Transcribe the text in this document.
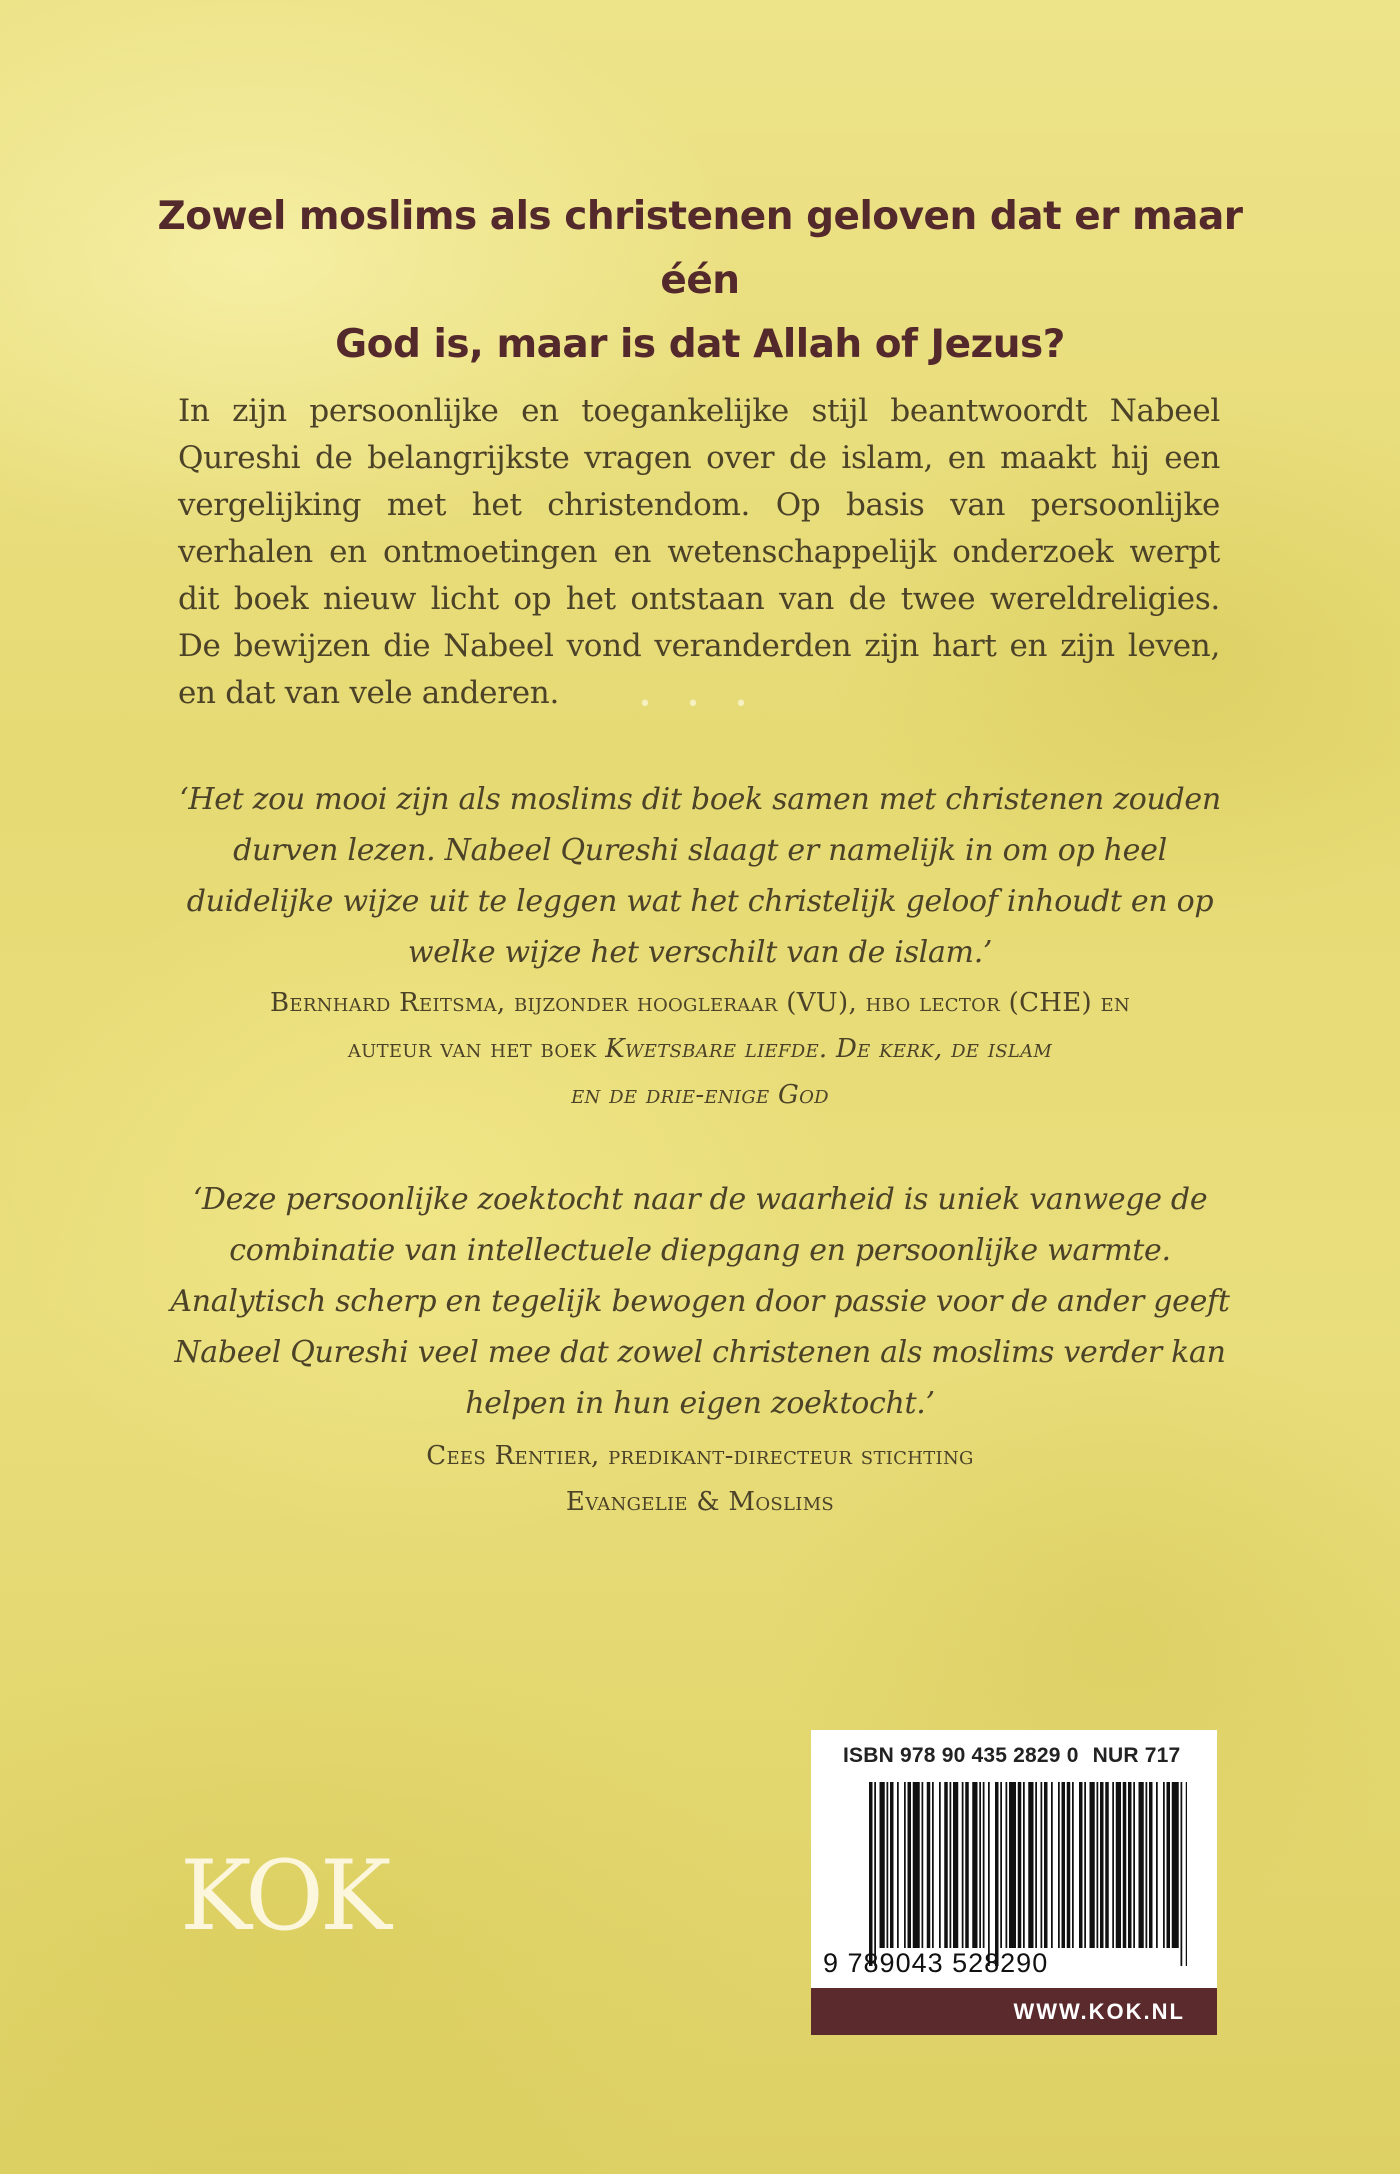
Zowel moslims als christenen geloven dat er maar één
God is, maar is dat Allah of Jezus?
In zijn persoonlijke en toegankelijke stijl beantwoordt Nabeel Qureshi de belangrijkste vragen over de islam, en maakt hij een vergelijking met het christendom. Op basis van persoonlijke verhalen en ontmoetingen en wetenschappelijk onderzoek werpt dit boek nieuw licht op het ontstaan van de twee wereldreligies. De bewijzen die Nabeel vond veranderden zijn hart en zijn leven, en dat van vele anderen.	• • •
‘Het zou mooi zijn als moslims dit boek samen met christenen zouden durven lezen. Nabeel Qureshi slaagt er namelijk in om op heel duidelijke wijze uit te leggen wat het christelijk geloof inhoudt en op welke wijze het verschilt van de islam.’
Bernhard Reitsma, bijzonder hoogleraar (VU), hbo lector (CHE) en
auteur van het boek Kwetsbare liefde. De kerk, de islam
en de drie-enige God
‘Deze persoonlijke zoektocht naar de waarheid is uniek vanwege de combinatie van intellectuele diepgang en persoonlijke warmte. Analytisch scherp en tegelijk bewogen door passie voor de ander geeft Nabeel Qureshi veel mee dat zowel christenen als moslims verder kan helpen in hun eigen zoektocht.’
Cees Rentier, predikant-directeur stichting
Evangelie & Moslims
KOK
ISBN 978 90 435 2829 0 NUR 717
9 789043 528290
WWW.KOK.NL
